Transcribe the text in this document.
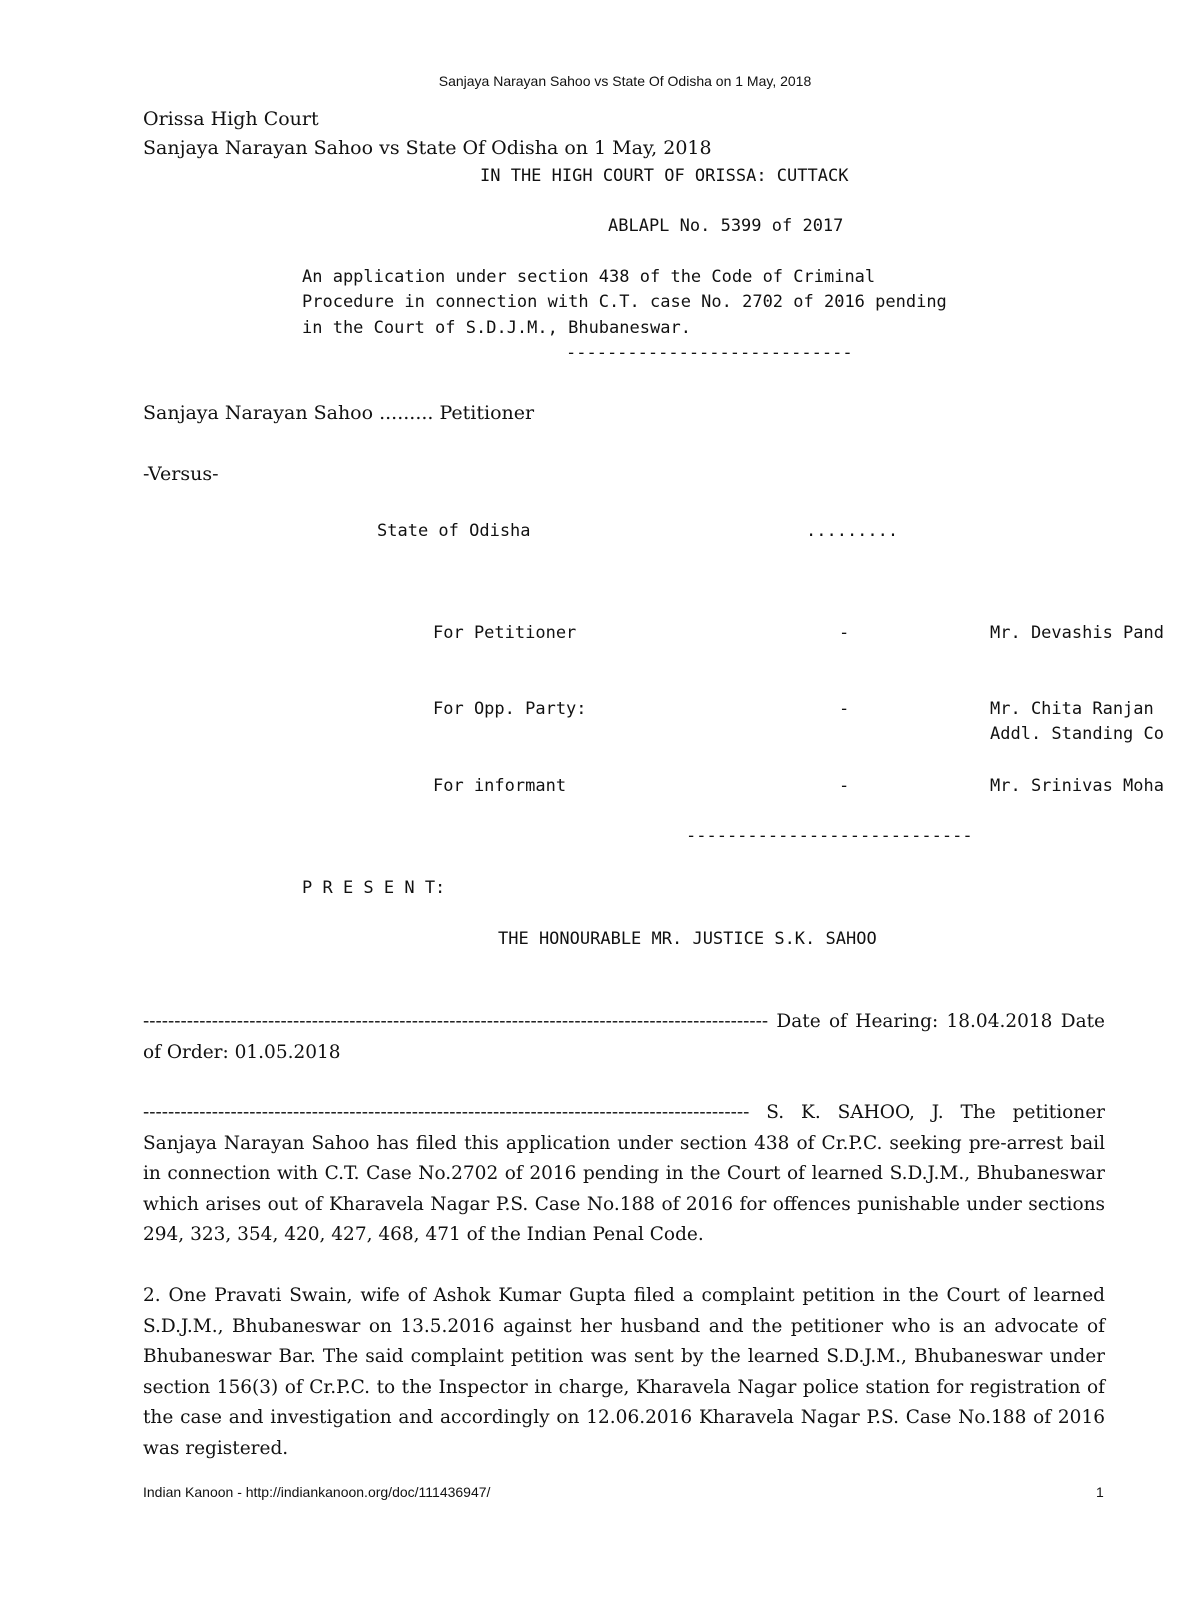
Sanjaya Narayan Sahoo vs State Of Odisha on 1 May, 2018
Orissa High Court
Sanjaya Narayan Sahoo vs State Of Odisha on 1 May, 2018
IN THE HIGH COURT OF ORISSA: CUTTACK
ABLAPL No. 5399 of 2017
An application under section 438 of the Code of Criminal
Procedure in connection with C.T. case No. 2702 of 2016 pending
in the Court of S.D.J.M., Bhubaneswar.
----------------------------
Sanjaya Narayan Sahoo ......... Petitioner
-Versus-
State of Odisha	.........
For Petitioner	-	Mr. Devashis Pand
For Opp. Party:	-	Mr. Chita Ranjan
Addl. Standing Co
For informant	-	Mr. Srinivas Moha
----------------------------
P R E S E N T:
THE HONOURABLE MR. JUSTICE S.K. SAHOO
---------------------------------------------------------------------------------------------------- Date of Hearing: 18.04.2018 Date of Order: 01.05.2018
------------------------------------------------------------------------------------------------- S. K. SAHOO, J. The petitioner Sanjaya Narayan Sahoo has filed this application under section 438 of Cr.P.C. seeking pre-arrest bail in connection with C.T. Case No.2702 of 2016 pending in the Court of learned S.D.J.M., Bhubaneswar which arises out of Kharavela Nagar P.S. Case No.188 of 2016 for offences punishable under sections 294, 323, 354, 420, 427, 468, 471 of the Indian Penal Code.
2. One Pravati Swain, wife of Ashok Kumar Gupta filed a complaint petition in the Court of learned S.D.J.M., Bhubaneswar on 13.5.2016 against her husband and the petitioner who is an advocate of Bhubaneswar Bar. The said complaint petition was sent by the learned S.D.J.M., Bhubaneswar under section 156(3) of Cr.P.C. to the Inspector in charge, Kharavela Nagar police station for registration of the case and investigation and accordingly on 12.06.2016 Kharavela Nagar P.S. Case No.188 of 2016 was registered.
Indian Kanoon - http://indiankanoon.org/doc/111436947/	1
